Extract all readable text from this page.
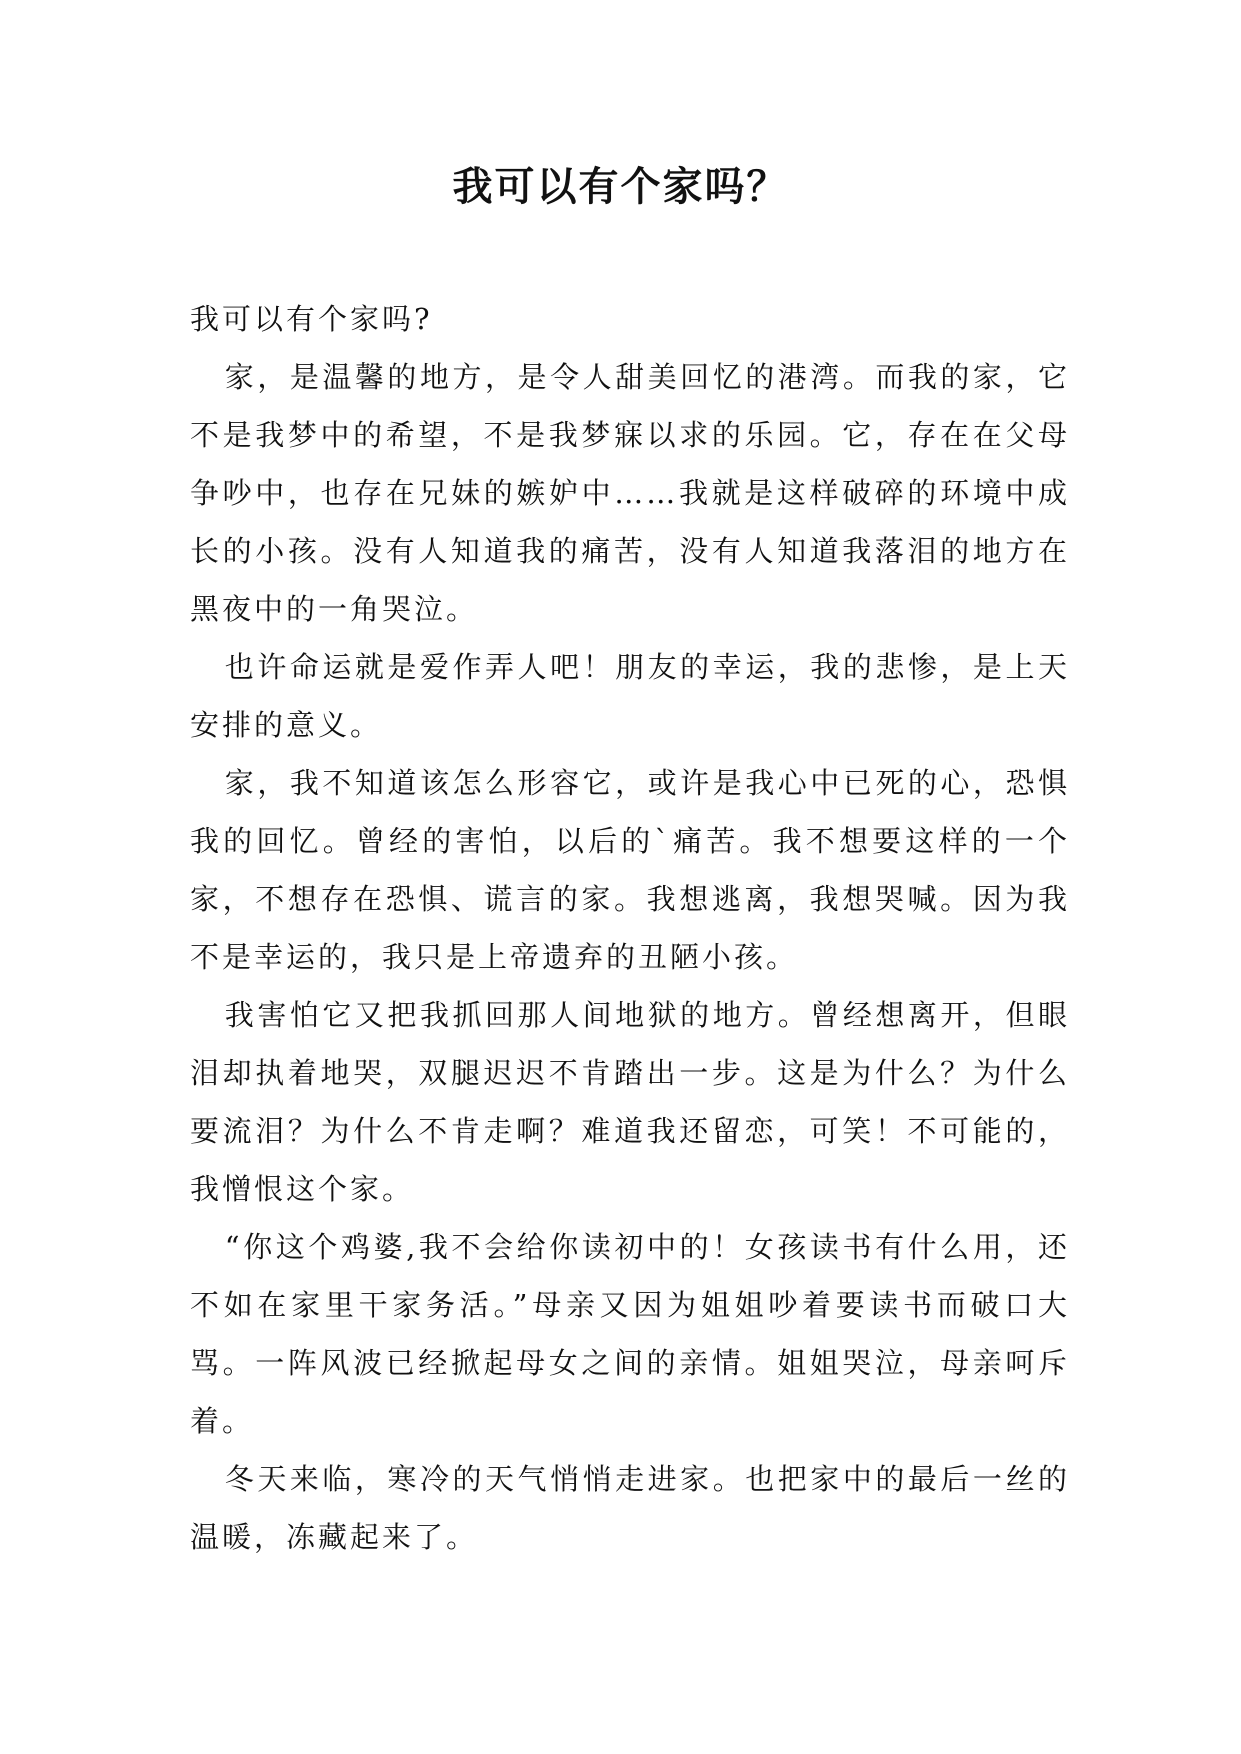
我可以有个家吗？

我可以有个家吗?

家，是温馨的地方，是令人甜美回忆的港湾。而我的家，它不是我梦中的希望，不是我梦寐以求的乐园。它，存在在父母争吵中，也存在兄妹的嫉妒中……我就是这样破碎的环境中成长的小孩。没有人知道我的痛苦，没有人知道我落泪的地方在黑夜中的一角哭泣。

也许命运就是爱作弄人吧！朋友的幸运，我的悲惨，是上天安排的意义。

家，我不知道该怎么形容它，或许是我心中已死的心，恐惧我的回忆。曾经的害怕，以后的`痛苦。我不想要这样的一个家，不想存在恐惧、谎言的家。我想逃离，我想哭喊。因为我不是幸运的，我只是上帝遗弃的丑陋小孩。

我害怕它又把我抓回那人间地狱的地方。曾经想离开，但眼泪却执着地哭，双腿迟迟不肯踏出一步。这是为什么？为什么要流泪？为什么不肯走啊？难道我还留恋，可笑！不可能的，我憎恨这个家。

“你这个鸡婆,我不会给你读初中的！女孩读书有什么用，还不如在家里干家务活。”母亲又因为姐姐吵着要读书而破口大骂。一阵风波已经掀起母女之间的亲情。姐姐哭泣，母亲呵斥着。

冬天来临，寒冷的天气悄悄走进家。也把家中的最后一丝的温暖，冻藏起来了。
